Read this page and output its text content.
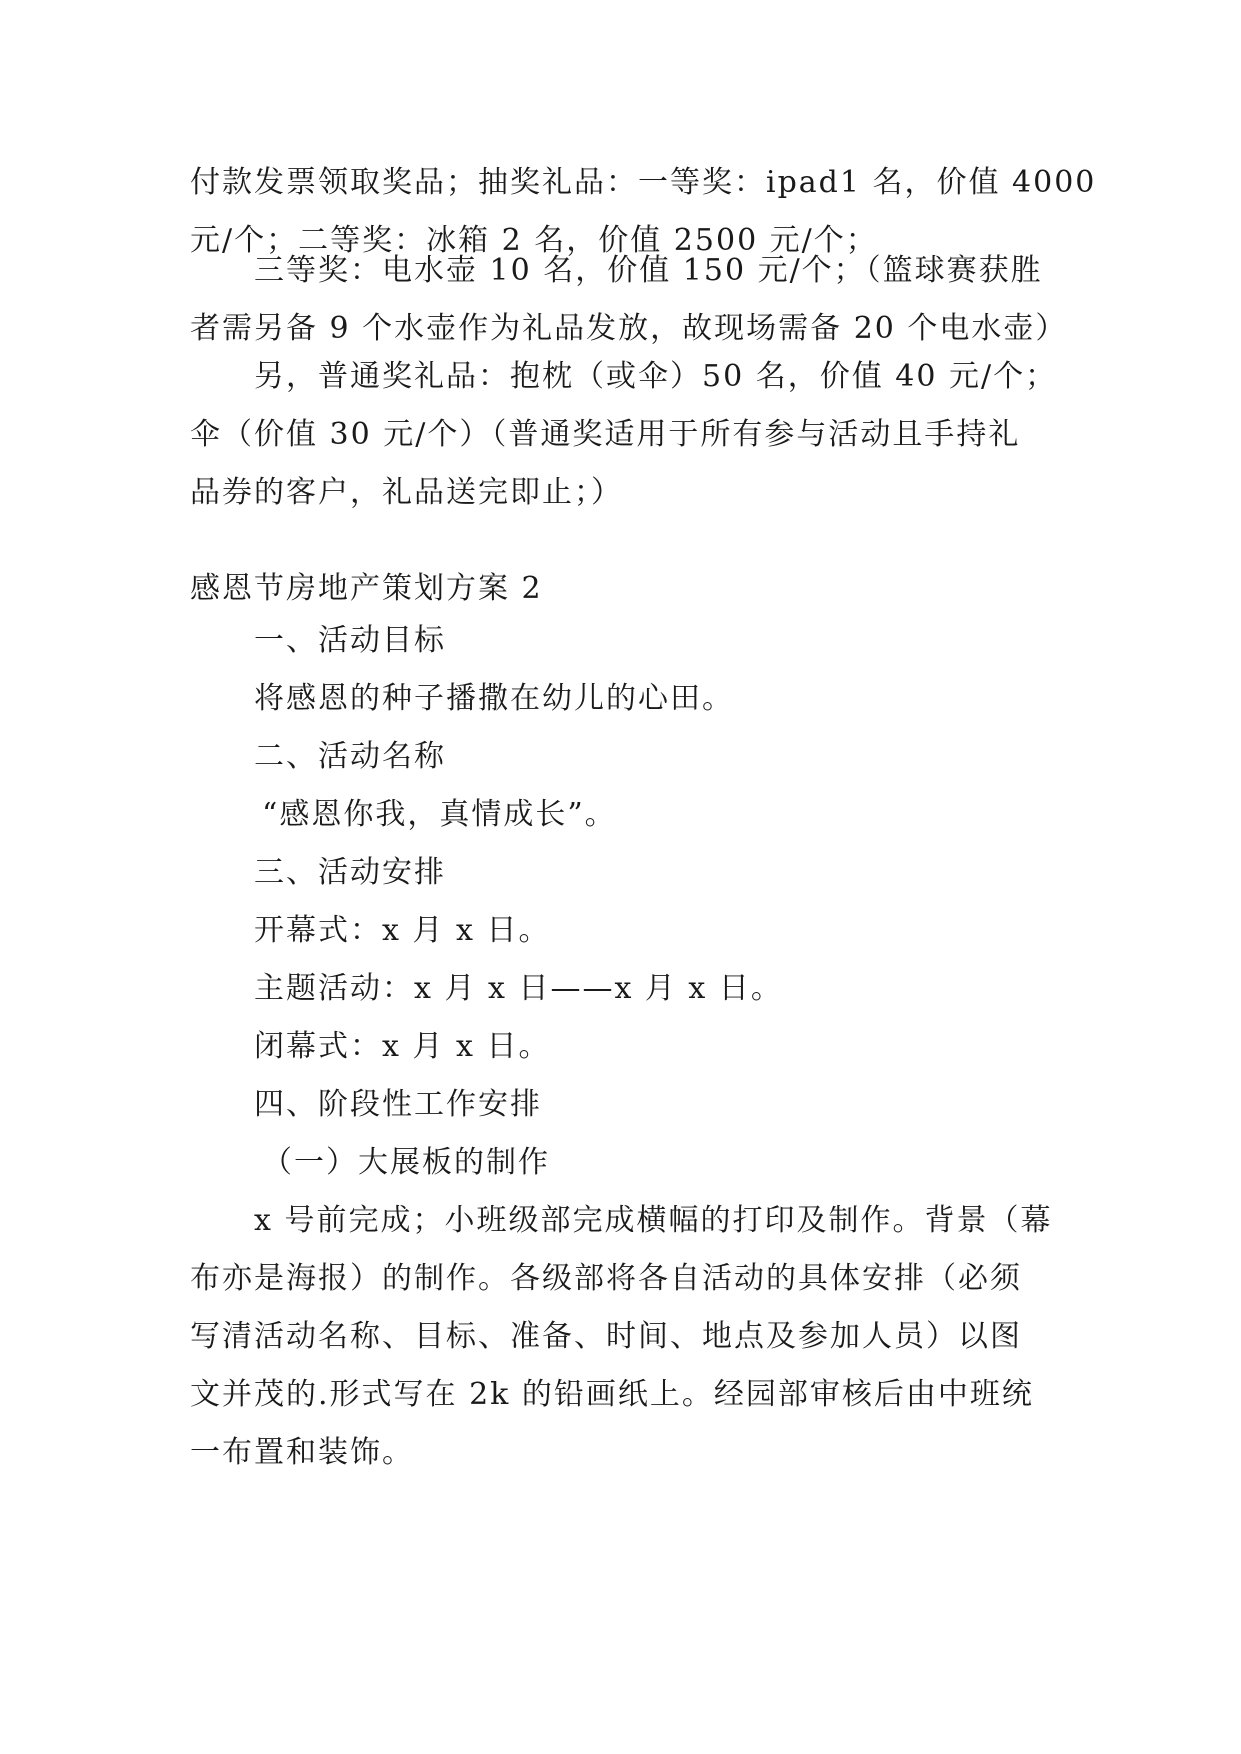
付款发票领取奖品；抽奖礼品：一等奖：ipad1 名，价值 4000
元/个；二等奖：冰箱 2 名，价值 2500 元/个；
三等奖：电水壶 10 名，价值 150 元/个；（篮球赛获胜
者需另备 9 个水壶作为礼品发放，故现场需备 20 个电水壶）
另，普通奖礼品：抱枕（或伞）50 名，价值 40 元/个；
伞（价值 30 元/个）（普通奖适用于所有参与活动且手持礼
品券的客户，礼品送完即止；）
感恩节房地产策划方案 2
一、活动目标
将感恩的种子播撒在幼儿的心田。
二、活动名称
“感恩你我，真情成长”。
三、活动安排
开幕式：x 月 x 日。
主题活动：x 月 x 日——x 月 x 日。
闭幕式：x 月 x 日。
四、阶段性工作安排
（一）大展板的制作
x 号前完成；小班级部完成横幅的打印及制作。背景（幕
布亦是海报）的制作。各级部将各自活动的具体安排（必须
写清活动名称、目标、准备、时间、地点及参加人员）以图
文并茂的.形式写在 2k 的铅画纸上。经园部审核后由中班统
一布置和装饰。
